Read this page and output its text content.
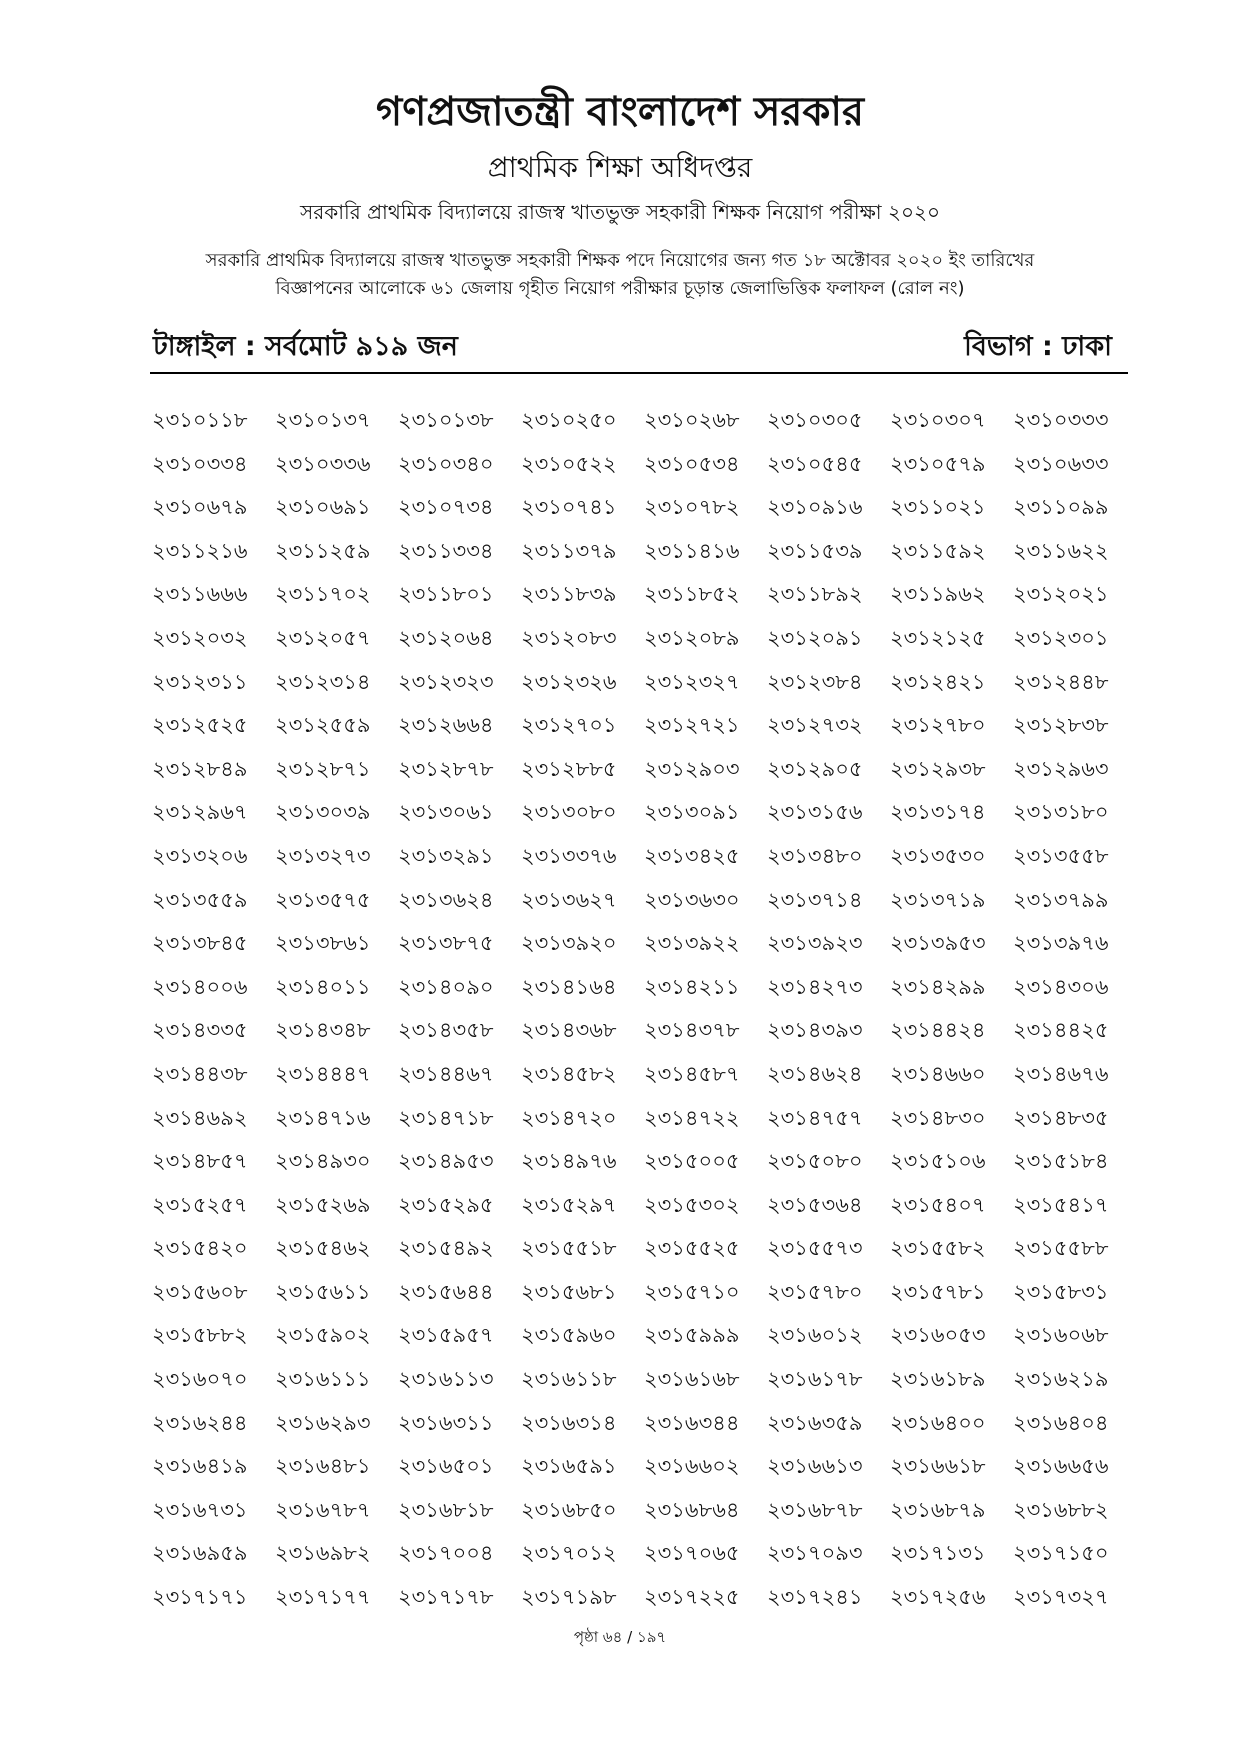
গণপ্রজাতন্ত্রী বাংলাদেশ সরকার
প্রাথমিক শিক্ষা অধিদপ্তর
সরকারি প্রাথমিক বিদ্যালয়ে রাজস্ব খাতভুক্ত সহকারী শিক্ষক নিয়োগ পরীক্ষা ২০২০
সরকারি প্রাথমিক বিদ্যালয়ে রাজস্ব খাতভুক্ত সহকারী শিক্ষক পদে নিয়োগের জন্য গত ১৮ অক্টোবর ২০২০ ইং তারিখের
বিজ্ঞাপনের আলোকে ৬১ জেলায় গৃহীত নিয়োগ পরীক্ষার চূড়ান্ত জেলাভিত্তিক ফলাফল (রোল নং)
টাঙ্গাইল : সর্বমোট ৯১৯ জন	বিভাগ : ঢাকা
২৩১০১১৮	২৩১০১৩৭	২৩১০১৩৮	২৩১০২৫০	২৩১০২৬৮	২৩১০৩০৫	২৩১০৩০৭	২৩১০৩৩৩
২৩১০৩৩৪	২৩১০৩৩৬	২৩১০৩৪০	২৩১০৫২২	২৩১০৫৩৪	২৩১০৫৪৫	২৩১০৫৭৯	২৩১০৬৩৩
২৩১০৬৭৯	২৩১০৬৯১	২৩১০৭৩৪	২৩১০৭৪১	২৩১০৭৮২	২৩১০৯১৬	২৩১১০২১	২৩১১০৯৯
২৩১১২১৬	২৩১১২৫৯	২৩১১৩৩৪	২৩১১৩৭৯	২৩১১৪১৬	২৩১১৫৩৯	২৩১১৫৯২	২৩১১৬২২
২৩১১৬৬৬	২৩১১৭০২	২৩১১৮০১	২৩১১৮৩৯	২৩১১৮৫২	২৩১১৮৯২	২৩১১৯৬২	২৩১২০২১
২৩১২০৩২	২৩১২০৫৭	২৩১২০৬৪	২৩১২০৮৩	২৩১২০৮৯	২৩১২০৯১	২৩১২১২৫	২৩১২৩০১
২৩১২৩১১	২৩১২৩১৪	২৩১২৩২৩	২৩১২৩২৬	২৩১২৩২৭	২৩১২৩৮৪	২৩১২৪২১	২৩১২৪৪৮
২৩১২৫২৫	২৩১২৫৫৯	২৩১২৬৬৪	২৩১২৭০১	২৩১২৭২১	২৩১২৭৩২	২৩১২৭৮০	২৩১২৮৩৮
২৩১২৮৪৯	২৩১২৮৭১	২৩১২৮৭৮	২৩১২৮৮৫	২৩১২৯০৩	২৩১২৯০৫	২৩১২৯৩৮	২৩১২৯৬৩
২৩১২৯৬৭	২৩১৩০৩৯	২৩১৩০৬১	২৩১৩০৮০	২৩১৩০৯১	২৩১৩১৫৬	২৩১৩১৭৪	২৩১৩১৮০
২৩১৩২০৬	২৩১৩২৭৩	২৩১৩২৯১	২৩১৩৩৭৬	২৩১৩৪২৫	২৩১৩৪৮০	২৩১৩৫৩০	২৩১৩৫৫৮
২৩১৩৫৫৯	২৩১৩৫৭৫	২৩১৩৬২৪	২৩১৩৬২৭	২৩১৩৬৩০	২৩১৩৭১৪	২৩১৩৭১৯	২৩১৩৭৯৯
২৩১৩৮৪৫	২৩১৩৮৬১	২৩১৩৮৭৫	২৩১৩৯২০	২৩১৩৯২২	২৩১৩৯২৩	২৩১৩৯৫৩	২৩১৩৯৭৬
২৩১৪০০৬	২৩১৪০১১	২৩১৪০৯০	২৩১৪১৬৪	২৩১৪২১১	২৩১৪২৭৩	২৩১৪২৯৯	২৩১৪৩০৬
২৩১৪৩৩৫	২৩১৪৩৪৮	২৩১৪৩৫৮	২৩১৪৩৬৮	২৩১৪৩৭৮	২৩১৪৩৯৩	২৩১৪৪২৪	২৩১৪৪২৫
২৩১৪৪৩৮	২৩১৪৪৪৭	২৩১৪৪৬৭	২৩১৪৫৮২	২৩১৪৫৮৭	২৩১৪৬২৪	২৩১৪৬৬০	২৩১৪৬৭৬
২৩১৪৬৯২	২৩১৪৭১৬	২৩১৪৭১৮	২৩১৪৭২০	২৩১৪৭২২	২৩১৪৭৫৭	২৩১৪৮৩০	২৩১৪৮৩৫
২৩১৪৮৫৭	২৩১৪৯৩০	২৩১৪৯৫৩	২৩১৪৯৭৬	২৩১৫০০৫	২৩১৫০৮০	২৩১৫১০৬	২৩১৫১৮৪
২৩১৫২৫৭	২৩১৫২৬৯	২৩১৫২৯৫	২৩১৫২৯৭	২৩১৫৩০২	২৩১৫৩৬৪	২৩১৫৪০৭	২৩১৫৪১৭
২৩১৫৪২০	২৩১৫৪৬২	২৩১৫৪৯২	২৩১৫৫১৮	২৩১৫৫২৫	২৩১৫৫৭৩	২৩১৫৫৮২	২৩১৫৫৮৮
২৩১৫৬০৮	২৩১৫৬১১	২৩১৫৬৪৪	২৩১৫৬৮১	২৩১৫৭১০	২৩১৫৭৮০	২৩১৫৭৮১	২৩১৫৮৩১
২৩১৫৮৮২	২৩১৫৯০২	২৩১৫৯৫৭	২৩১৫৯৬০	২৩১৫৯৯৯	২৩১৬০১২	২৩১৬০৫৩	২৩১৬০৬৮
২৩১৬০৭০	২৩১৬১১১	২৩১৬১১৩	২৩১৬১১৮	২৩১৬১৬৮	২৩১৬১৭৮	২৩১৬১৮৯	২৩১৬২১৯
২৩১৬২৪৪	২৩১৬২৯৩	২৩১৬৩১১	২৩১৬৩১৪	২৩১৬৩৪৪	২৩১৬৩৫৯	২৩১৬৪০০	২৩১৬৪০৪
২৩১৬৪১৯	২৩১৬৪৮১	২৩১৬৫০১	২৩১৬৫৯১	২৩১৬৬০২	২৩১৬৬১৩	২৩১৬৬১৮	২৩১৬৬৫৬
২৩১৬৭৩১	২৩১৬৭৮৭	২৩১৬৮১৮	২৩১৬৮৫০	২৩১৬৮৬৪	২৩১৬৮৭৮	২৩১৬৮৭৯	২৩১৬৮৮২
২৩১৬৯৫৯	২৩১৬৯৮২	২৩১৭০০৪	২৩১৭০১২	২৩১৭০৬৫	২৩১৭০৯৩	২৩১৭১৩১	২৩১৭১৫০
২৩১৭১৭১	২৩১৭১৭৭	২৩১৭১৭৮	২৩১৭১৯৮	২৩১৭২২৫	২৩১৭২৪১	২৩১৭২৫৬	২৩১৭৩২৭
পৃষ্ঠা ৬৪ / ১৯৭
